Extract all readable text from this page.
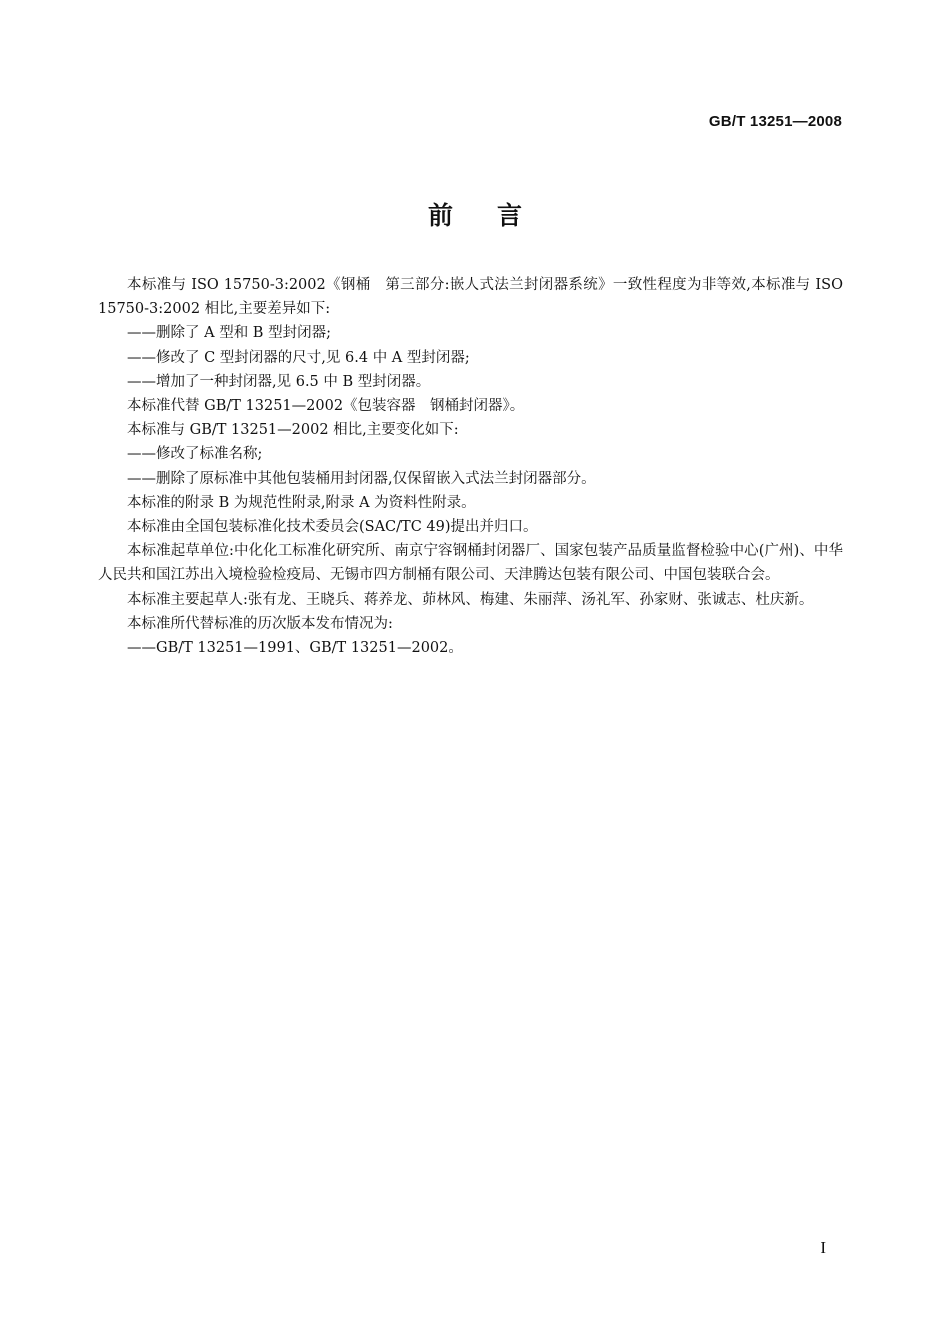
GB/T 13251—2008
前言

本标准与 ISO 15750-3:2002《钢桶　第三部分:嵌人式法兰封闭器系统》一致性程度为非等效,本标准与 ISO 15750-3:2002 相比,主要差异如下:

——删除了 A 型和 B 型封闭器;

——修改了 C 型封闭器的尺寸,见 6.4 中 A 型封闭器;

——增加了一种封闭器,见 6.5 中 B 型封闭器。

本标准代替 GB/T 13251—2002《包装容器　钢桶封闭器》。

本标准与 GB/T 13251—2002 相比,主要变化如下:

——修改了标准名称;

——删除了原标准中其他包装桶用封闭器,仅保留嵌入式法兰封闭器部分。

本标准的附录 B 为规范性附录,附录 A 为资料性附录。

本标准由全国包装标准化技术委员会(SAC/TC 49)提出并归口。

本标准起草单位:中化化工标准化研究所、南京宁容钢桶封闭器厂、国家包装产品质量监督检验中心(广州)、中华人民共和国江苏出入境检验检疫局、无锡市四方制桶有限公司、天津腾达包装有限公司、中国包装联合会。

本标准主要起草人:张有龙、王晓兵、蒋养龙、茆林风、梅建、朱丽萍、汤礼军、孙家财、张诚志、杜庆新。

本标准所代替标准的历次版本发布情况为:

——GB/T 13251—1991、GB/T 13251—2002。

I
